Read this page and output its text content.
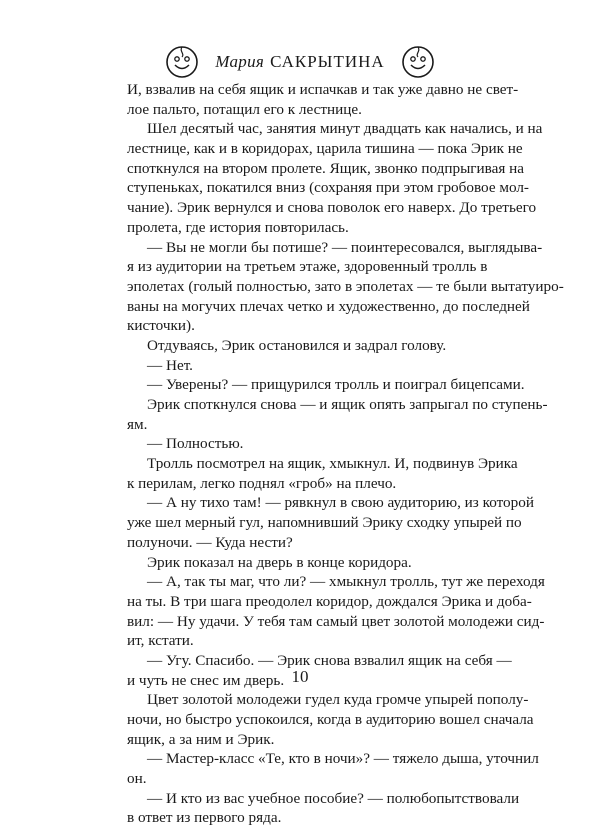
Мария САКРЫТИНА
И, взвалив на себя ящик и испачкав и так уже давно не свет-
лое пальто, потащил его к лестнице.
Шел десятый час, занятия минут двадцать как начались, и на
лестнице, как и в коридорах, царила тишина — пока Эрик не
споткнулся на втором пролете. Ящик, звонко подпрыгивая на
ступеньках, покатился вниз (сохраняя при этом гробовое мол-
чание). Эрик вернулся и снова поволок его наверх. До третьего
пролета, где история повторилась.
— Вы не могли бы потише? — поинтересовался, выглядыва-
я из аудитории на третьем этаже, здоровенный тролль в
эполетах (голый полностью, зато в эполетах — те были вытатуиро-
ваны на могучих плечах четко и художественно, до последней
кисточки).
Отдуваясь, Эрик остановился и задрал голову.
— Нет.
— Уверены? — прищурился тролль и поиграл бицепсами.
Эрик споткнулся снова — и ящик опять запрыгал по ступень-
ям.
— Полностью.
Тролль посмотрел на ящик, хмыкнул. И, подвинув Эрика
к перилам, легко поднял «гроб» на плечо.
— А ну тихо там! — рявкнул в свою аудиторию, из которой
уже шел мерный гул, напомнивший Эрику сходку упырей по
полуночи. — Куда нести?
Эрик показал на дверь в конце коридора.
— А, так ты маг, что ли? — хмыкнул тролль, тут же переходя
на ты. В три шага преодолел коридор, дождался Эрика и доба-
вил: — Ну удачи. У тебя там самый цвет золотой молодежи сид-
ит, кстати.
— Угу. Спасибо. — Эрик снова взвалил ящик на себя —
и чуть не снес им дверь.
Цвет золотой молодежи гудел куда громче упырей пополу-
ночи, но быстро успокоился, когда в аудиторию вошел сначала
ящик, а за ним и Эрик.
— Мастер-класс «Те, кто в ночи»? — тяжело дыша, уточнил
он.
— И кто из вас учебное пособие? — полюбопытствовали
в ответ из первого ряда.
10
